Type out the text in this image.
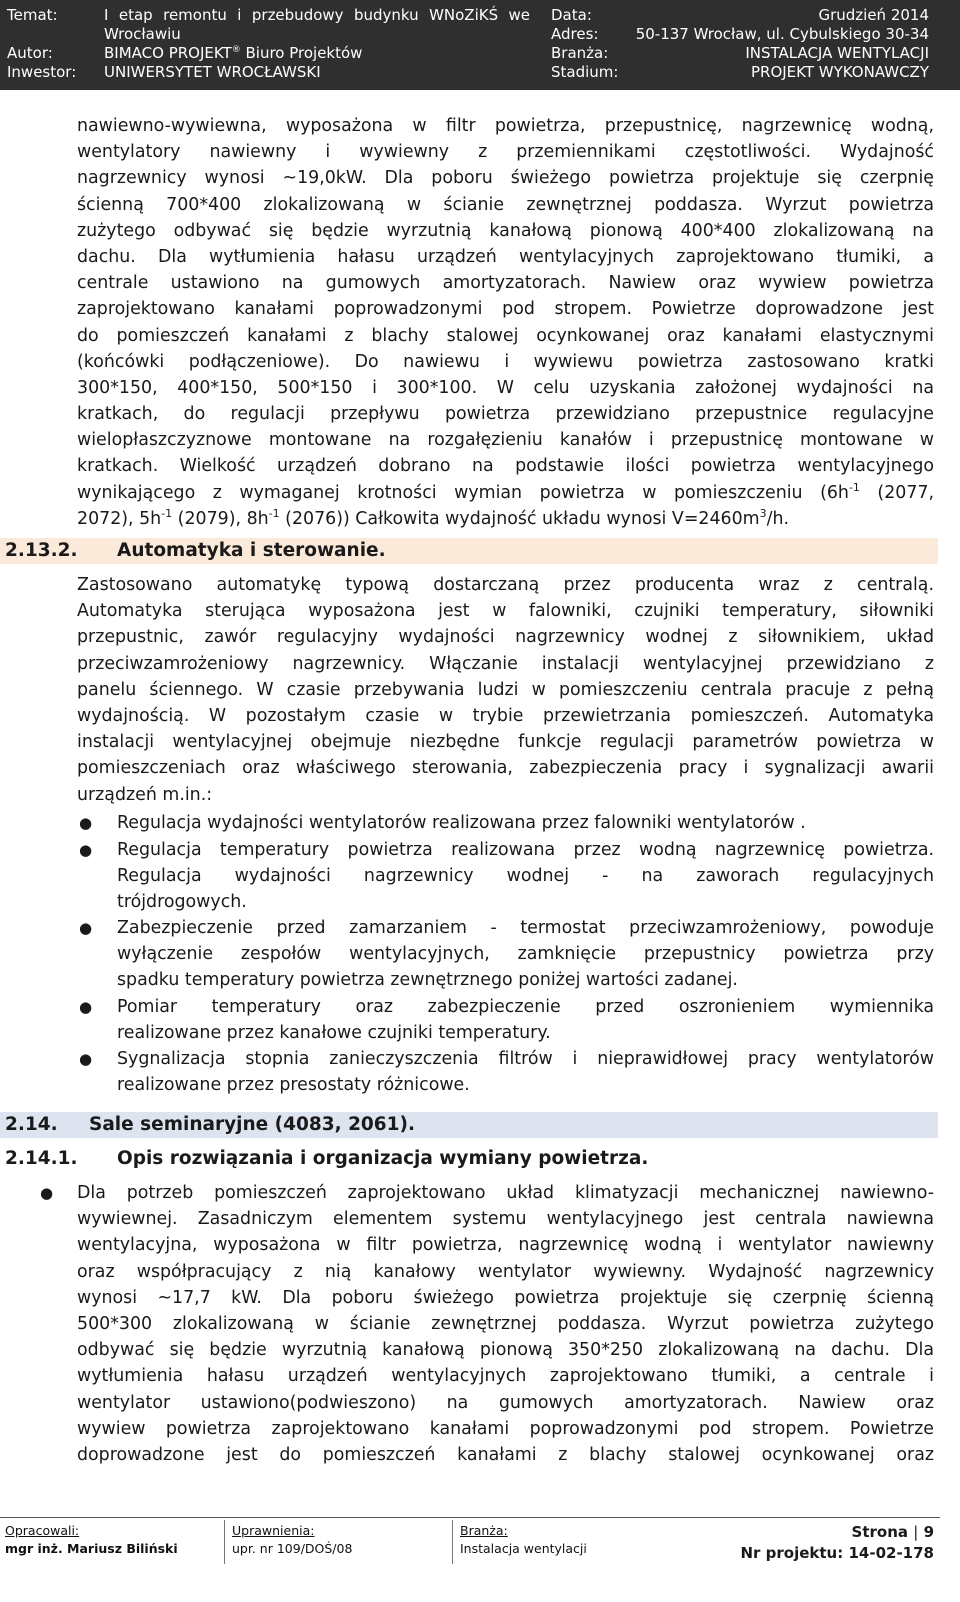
Temat:	I etap remontu i przebudowy budynku WNoZiKŚ we
Wrocławiu
Autor:	BIMACO PROJEKT® Biuro Projektów
Inwestor: UNIWERSYTET WROCŁAWSKI
Data:	Grudzień 2014
Adres: 50-137 Wrocław, ul. Cybulskiego 30-34
Branża:	INSTALACJA WENTYLACJI
Stadium:	PROJEKT WYKONAWCZY
nawiewno-wywiewna, wyposażona w filtr powietrza, przepustnicę, nagrzewnicę wodną,
wentylatory nawiewny i wywiewny z przemiennikami częstotliwości. Wydajność
nagrzewnicy wynosi ~19,0kW. Dla poboru świeżego powietrza projektuje się czerpnię
ścienną 700*400 zlokalizowaną w ścianie zewnętrznej poddasza. Wyrzut powietrza
zużytego odbywać się będzie wyrzutnią kanałową pionową 400*400 zlokalizowaną na
dachu. Dla wytłumienia hałasu urządzeń wentylacyjnych zaprojektowano tłumiki, a
centrale ustawiono na gumowych amortyzatorach. Nawiew oraz wywiew powietrza
zaprojektowano kanałami poprowadzonymi pod stropem. Powietrze doprowadzone jest
do pomieszczeń kanałami z blachy stalowej ocynkowanej oraz kanałami elastycznymi
(końcówki podłączeniowe). Do nawiewu i wywiewu powietrza zastosowano kratki
300*150, 400*150, 500*150 i 300*100. W celu uzyskania założonej wydajności na
kratkach, do regulacji przepływu powietrza przewidziano przepustnice regulacyjne
wielopłaszczyznowe montowane na rozgałęzieniu kanałów i przepustnicę montowane w
kratkach. Wielkość urządzeń dobrano na podstawie ilości powietrza wentylacyjnego
wynikającego z wymaganej krotności wymian powietrza w pomieszczeniu ($6h^{-1}$ (2077,
2072), $5h^{-1}$ (2079), $8h^{-1}$ (2076)) Całkowita wydajność układu wynosi $V=2460m^3/h$.
2.13.2. Automatyka i sterowanie.
Zastosowano automatykę typową dostarczaną przez producenta wraz z centralą.
Automatyka sterująca wyposażona jest w falowniki, czujniki temperatury, siłowniki
przepustnic, zawór regulacyjny wydajności nagrzewnicy wodnej z siłownikiem, układ
przeciwzamrożeniowy nagrzewnicy. Włączanie instalacji wentylacyjnej przewidziano z
panelu ściennego. W czasie przebywania ludzi w pomieszczeniu centrala pracuje z pełną
wydajnością. W pozostałym czasie w trybie przewietrzania pomieszczeń. Automatyka
instalacji wentylacyjnej obejmuje niezbędne funkcje regulacji parametrów powietrza w
pomieszczeniach oraz właściwego sterowania, zabezpieczenia pracy i sygnalizacji awarii
urządzeń m.in.:
● Regulacja wydajności wentylatorów realizowana przez falowniki wentylatorów .
● Regulacja temperatury powietrza realizowana przez wodną nagrzewnicę powietrza.
Regulacja wydajności nagrzewnicy wodnej - na zaworach regulacyjnych
trójdrogowych.
● Zabezpieczenie przed zamarzaniem - termostat przeciwzamrożeniowy, powoduje
wyłączenie zespołów wentylacyjnych, zamknięcie przepustnicy powietrza przy
spadku temperatury powietrza zewnętrznego poniżej wartości zadanej.
● Pomiar temperatury oraz zabezpieczenie przed oszronieniem wymiennika
realizowane przez kanałowe czujniki temperatury.
● Sygnalizacja stopnia zanieczyszczenia filtrów i nieprawidłowej pracy wentylatorów
realizowane przez presostaty różnicowe.
2.14. Sale seminaryjne (4083, 2061).
2.14.1. Opis rozwiązania i organizacja wymiany powietrza.
● Dla potrzeb pomieszczeń zaprojektowano układ klimatyzacji mechanicznej nawiewno-
wywiewnej. Zasadniczym elementem systemu wentylacyjnego jest centrala nawiewna
wentylacyjna, wyposażona w filtr powietrza, nagrzewnicę wodną i wentylator nawiewny
oraz współpracujący z nią kanałowy wentylator wywiewny. Wydajność nagrzewnicy
wynosi ~17,7 kW. Dla poboru świeżego powietrza projektuje się czerpnię ścienną
500*300 zlokalizowaną w ścianie zewnętrznej poddasza. Wyrzut powietrza zużytego
odbywać się będzie wyrzutnią kanałową pionową 350*250 zlokalizowaną na dachu. Dla
wytłumienia hałasu urządzeń wentylacyjnych zaprojektowano tłumiki, a centrale i
wentylator ustawiono(podwieszono) na gumowych amortyzatorach. Nawiew oraz
wywiew powietrza zaprojektowano kanałami poprowadzonymi pod stropem. Powietrze
doprowadzone jest do pomieszczeń kanałami z blachy stalowej ocynkowanej oraz
Opracowali:
mgr inż. Mariusz Biliński
Uprawnienia:
upr. nr 109/DOŚ/08
Branża:
Instalacja wentylacji
Strona | 9
Nr projektu: 14-02-178
